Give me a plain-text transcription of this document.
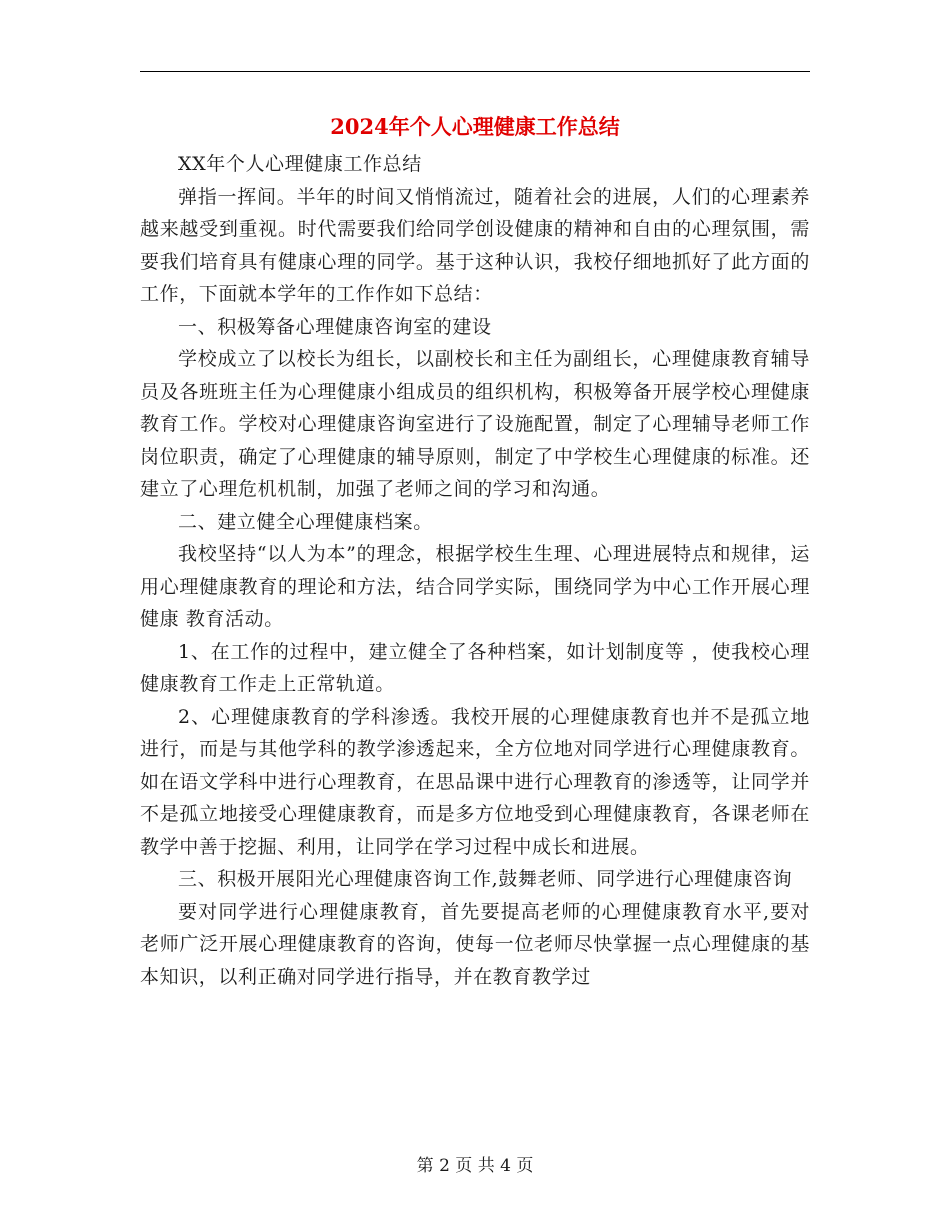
2024年个人心理健康工作总结

XX年个人心理健康工作总结

弹指一挥间。半年的时间又悄悄流过，随着社会的进展，人们的心理素养越来越受到重视。时代需要我们给同学创设健康的精神和自由的心理氛围，需要我们培育具有健康心理的同学。基于这种认识，我校仔细地抓好了此方面的工作，下面就本学年的工作作如下总结：

一、积极筹备心理健康咨询室的建设

学校成立了以校长为组长，以副校长和主任为副组长，心理健康教育辅导员及各班班主任为心理健康小组成员的组织机构，积极筹备开展学校心理健康教育工作。学校对心理健康咨询室进行了设施配置，制定了心理辅导老师工作岗位职责，确定了心理健康的辅导原则，制定了中学校生心理健康的标准。还建立了心理危机机制，加强了老师之间的学习和沟通。

二、建立健全心理健康档案。

我校坚持“以人为本”的理念，根据学校生生理、心理进展特点和规律，运用心理健康教育的理论和方法，结合同学实际，围绕同学为中心工作开展心理健康 教育活动。

1、在工作的过程中，建立健全了各种档案，如计划制度等 ，使我校心理健康教育工作走上正常轨道。

2、心理健康教育的学科渗透。我校开展的心理健康教育也并不是孤立地进行，而是与其他学科的教学渗透起来，全方位地对同学进行心理健康教育。如在语文学科中进行心理教育，在思品课中进行心理教育的渗透等，让同学并不是孤立地接受心理健康教育，而是多方位地受到心理健康教育，各课老师在教学中善于挖掘、利用，让同学在学习过程中成长和进展。

三、积极开展阳光心理健康咨询工作,鼓舞老师、同学进行心理健康咨询

要对同学进行心理健康教育，首先要提高老师的心理健康教育水平,要对老师广泛开展心理健康教育的咨询，使每一位老师尽快掌握一点心理健康的基本知识，以利正确对同学进行指导，并在教育教学过

第 2 页 共 4 页
